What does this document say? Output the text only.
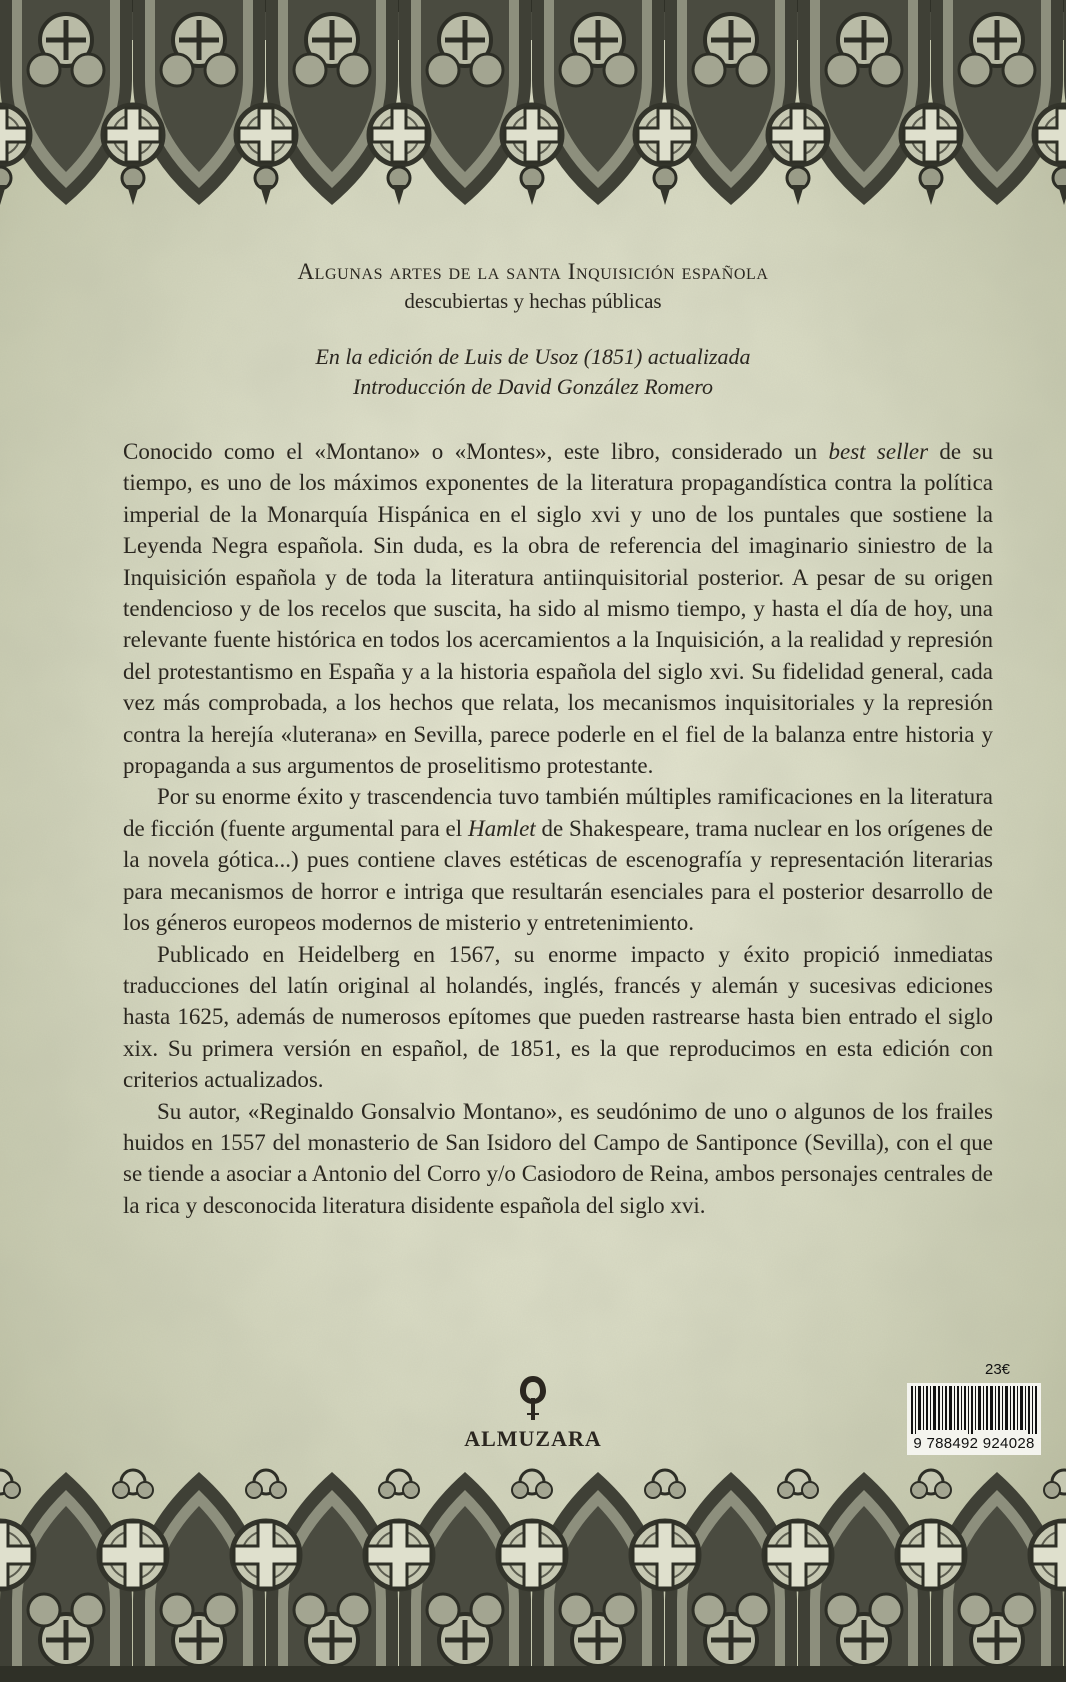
Algunas artes de la santa Inquisición española
descubiertas y hechas públicas
En la edición de Luis de Usoz (1851) actualizada
Introducción de David González Romero

Conocido como el «Montano» o «Montes», este libro, considerado un best seller de su tiempo, es uno de los máximos exponentes de la literatura propagandística contra la política imperial de la Monarquía Hispánica en el siglo xvi y uno de los puntales que sostiene la Leyenda Negra española. Sin duda, es la obra de referencia del imaginario siniestro de la Inquisición española y de toda la literatura antiinquisitorial posterior. A pesar de su origen tendencioso y de los recelos que suscita, ha sido al mismo tiempo, y hasta el día de hoy, una relevante fuente histórica en todos los acercamientos a la Inquisición, a la realidad y represión del protestantismo en España y a la historia española del siglo xvi. Su fidelidad general, cada vez más comprobada, a los hechos que relata, los mecanismos inquisitoriales y la represión contra la herejía «luterana» en Sevilla, parece poderle en el fiel de la balanza entre historia y propaganda a sus argumentos de proselitismo protestante.

Por su enorme éxito y trascendencia tuvo también múltiples ramificaciones en la literatura de ficción (fuente argumental para el Hamlet de Shakespeare, trama nuclear en los orígenes de la novela gótica...) pues contiene claves estéticas de escenografía y representación literarias para mecanismos de horror e intriga que resultarán esenciales para el posterior desarrollo de los géneros europeos modernos de misterio y entretenimiento.

Publicado en Heidelberg en 1567, su enorme impacto y éxito propició inmediatas traducciones del latín original al holandés, inglés, francés y alemán y sucesivas ediciones hasta 1625, además de numerosos epítomes que pueden rastrearse hasta bien entrado el siglo xix. Su primera versión en español, de 1851, es la que reproducimos en esta edición con criterios actualizados.

Su autor, «Reginaldo Gonsalvio Montano», es seudónimo de uno o algunos de los frailes huidos en 1557 del monasterio de San Isidoro del Campo de Santiponce (Sevilla), con el que se tiende a asociar a Antonio del Corro y/o Casiodoro de Reina, ambos personajes centrales de la rica y desconocida literatura disidente española del siglo xvi.

ALMUZARA
23€
9 788492 924028
